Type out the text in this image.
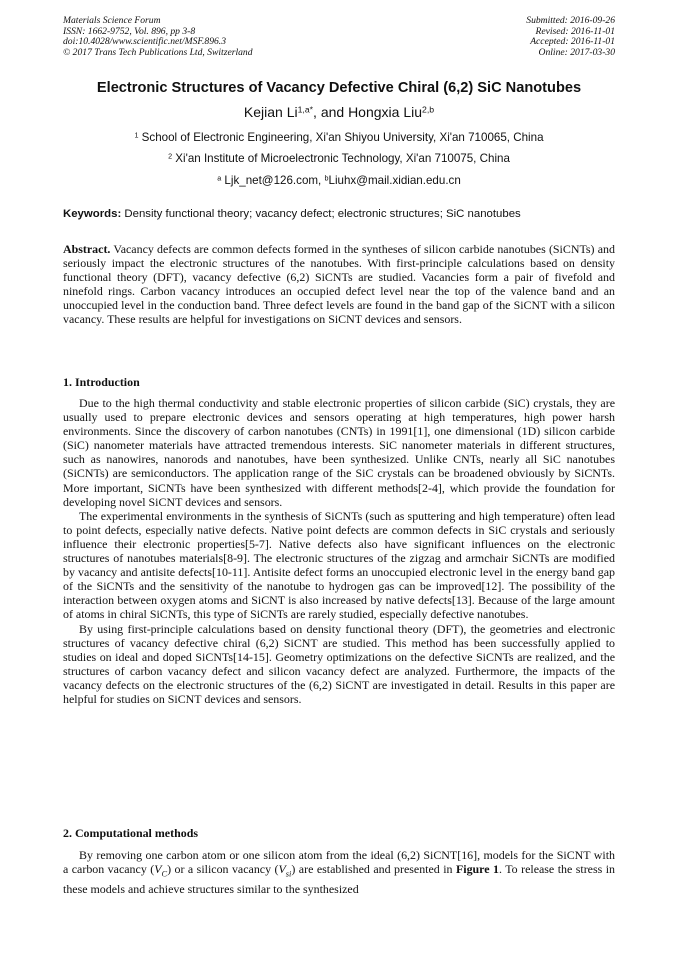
Materials Science Forum
ISSN: 1662-9752, Vol. 896, pp 3-8
doi:10.4028/www.scientific.net/MSF.896.3
© 2017 Trans Tech Publications Ltd, Switzerland
Submitted: 2016-09-26
Revised: 2016-11-01
Accepted: 2016-11-01
Online: 2017-03-30
Electronic Structures of Vacancy Defective Chiral (6,2) SiC Nanotubes
Kejian $Li^{1,a*}$, and Hongxia Liu$^{2,b}$
$^1$ School of Electronic Engineering, Xi'an Shiyou University, Xi'an 710065, China
$^2$ Xi'an Institute of Microelectronic Technology, Xi'an 710075, China
$^a$ Ljk_net@126.com, $^b$Liuhx@mail.xidian.edu.cn
Keywords: Density functional theory; vacancy defect; electronic structures; SiC nanotubes

Abstract. Vacancy defects are common defects formed in the syntheses of silicon carbide nanotubes (SiCNTs) and seriously impact the electronic structures of the nanotubes. With first-principle calculations based on density functional theory (DFT), vacancy defective (6,2) SiCNTs are studied. Vacancies form a pair of fivefold and ninefold rings. Carbon vacancy introduces an occupied defect level near the top of the valence band and an unoccupied level in the conduction band. Three defect levels are found in the band gap of the SiCNT with a silicon vacancy. These results are helpful for investigations on SiCNT devices and sensors.

1. Introduction

Due to the high thermal conductivity and stable electronic properties of silicon carbide (SiC) crystals, they are usually used to prepare electronic devices and sensors operating at high temperatures, high power harsh environments. Since the discovery of carbon nanotubes (CNTs) in 1991[1], one dimensional (1D) silicon carbide (SiC) nanometer materials have attracted tremendous interests. SiC nanometer materials in different structures, such as nanowires, nanorods and nanotubes, have been synthesized. Unlike CNTs, nearly all SiC nanotubes (SiCNTs) are semiconductors. The application range of the SiC crystals can be broadened obviously by SiCNTs. More important, SiCNTs have been synthesized with different methods[2-4], which provide the foundation for developing novel SiCNT devices and sensors.

The experimental environments in the synthesis of SiCNTs (such as sputtering and high temperature) often lead to point defects, especially native defects. Native point defects are common defects in SiC crystals and seriously influence their electronic properties[5-7]. Native defects also have significant influences on the electronic structures of nanotubes materials[8-9]. The electronic structures of the zigzag and armchair SiCNTs are modified by vacancy and antisite defects[10-11]. Antisite defect forms an unoccupied electronic level in the energy band gap of the SiCNTs and the sensitivity of the nanotube to hydrogen gas can be improved[12]. The possibility of the interaction between oxygen atoms and SiCNT is also increased by native defects[13]. Because of the large amount of atoms in chiral SiCNTs, this type of SiCNTs are rarely studied, especially defective nanotubes.

By using first-principle calculations based on density functional theory (DFT), the geometries and electronic structures of vacancy defective chiral (6,2) SiCNT are studied. This method has been successfully applied to studies on ideal and doped SiCNTs[14-15]. Geometry optimizations on the defective SiCNTs are realized, and the structures of carbon vacancy defect and silicon vacancy defect are analyzed. Furthermore, the impacts of the vacancy defects on the electronic structures of the (6,2) SiCNT are investigated in detail. Results in this paper are helpful for studies on SiCNT devices and sensors.

2. Computational methods

By removing one carbon atom or one silicon atom from the ideal (6,2) SiCNT[16], models for the SiCNT with a carbon vacancy $(V_C)$ or a silicon vacancy $(V_{si})$ are established and presented in Figure 1. To release the stress in these models and achieve structures similar to the synthesized
